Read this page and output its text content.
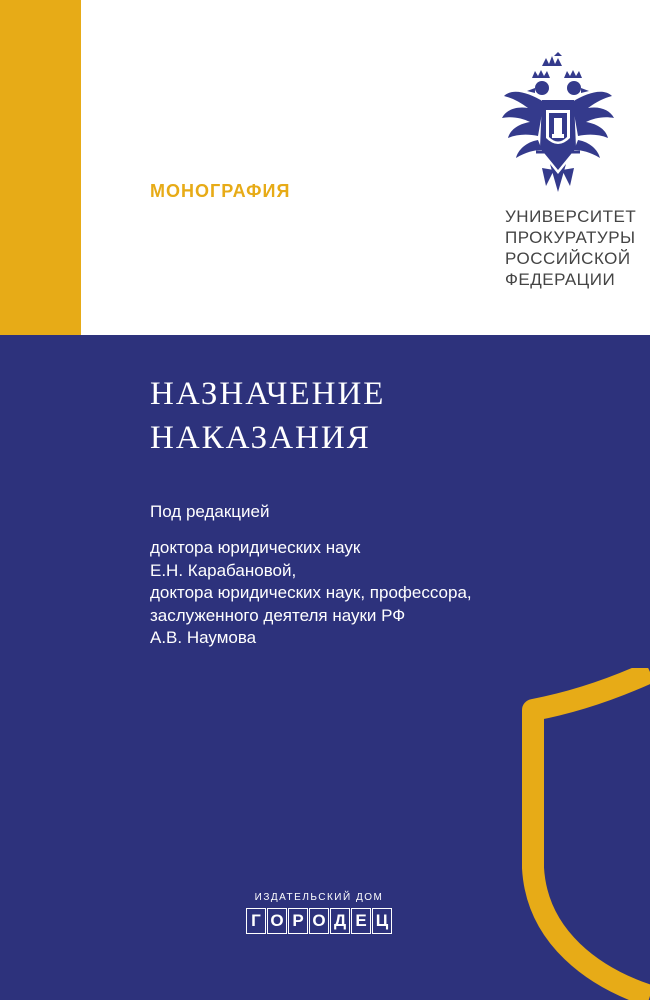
МОНОГРАФИЯ
УНИВЕРСИТЕТ
ПРОКУРАТУРЫ
РОССИЙСКОЙ
ФЕДЕРАЦИИ
НАЗНАЧЕНИЕ
НАКАЗАНИЯ
Под редакцией
доктора юридических наук
Е.Н. Карабановой,
доктора юридических наук, профессора,
заслуженного деятеля науки РФ
А.В. Наумова
ИЗДАТЕЛЬСКИЙ ДОМ
Г О Р О Д Е Ц
